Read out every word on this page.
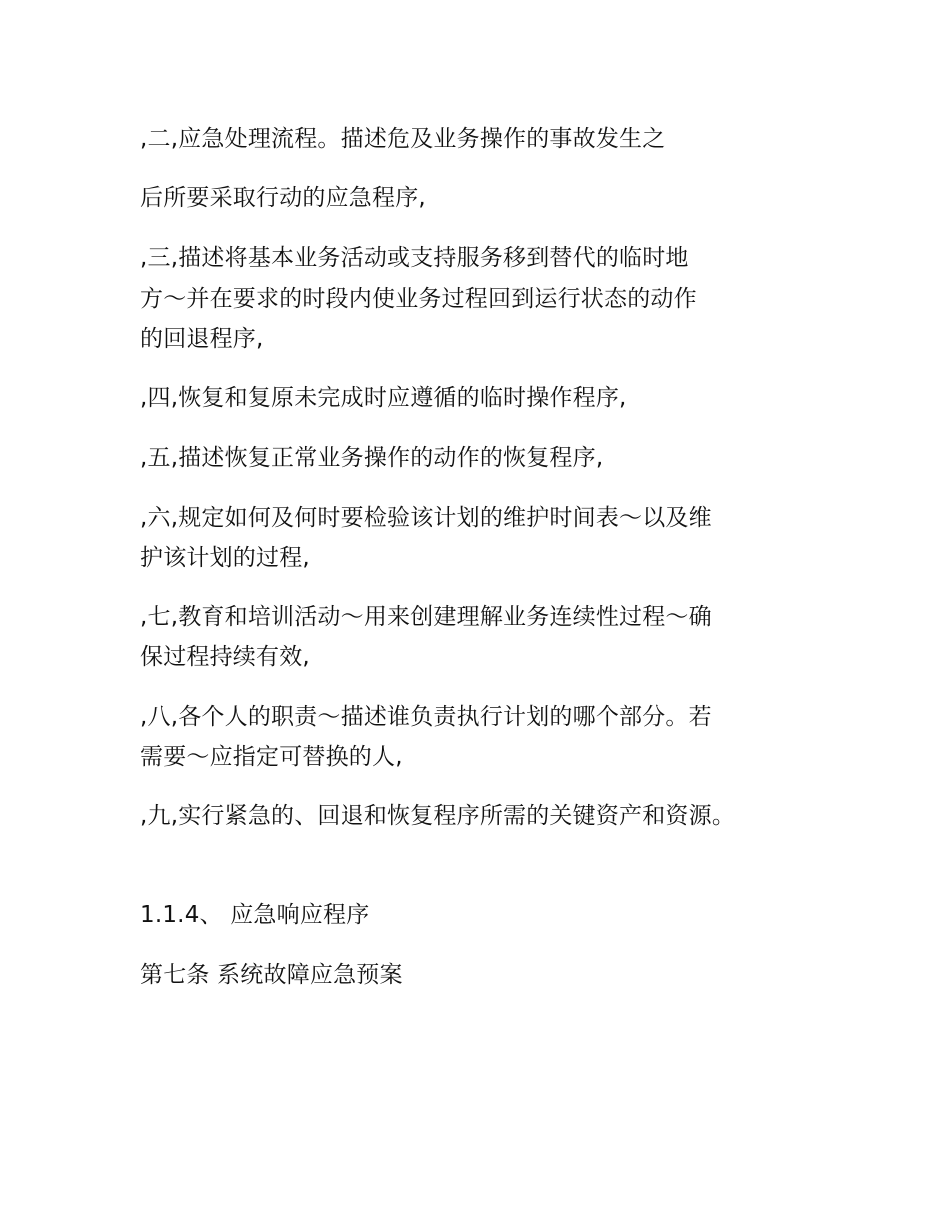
,二,应急处理流程。描述危及业务操作的事故发生之
后所要采取行动的应急程序,
,三,描述将基本业务活动或支持服务移到替代的临时地
方～并在要求的时段内使业务过程回到运行状态的动作
的回退程序,
,四,恢复和复原未完成时应遵循的临时操作程序,
,五,描述恢复正常业务操作的动作的恢复程序,
,六,规定如何及何时要检验该计划的维护时间表～以及维
护该计划的过程,
,七,教育和培训活动～用来创建理解业务连续性过程～确
保过程持续有效,
,八,各个人的职责～描述谁负责执行计划的哪个部分。若
需要～应指定可替换的人,
,九,实行紧急的、回退和恢复程序所需的关键资产和资源。
1.1.4、 应急响应程序
第七条 系统故障应急预案
